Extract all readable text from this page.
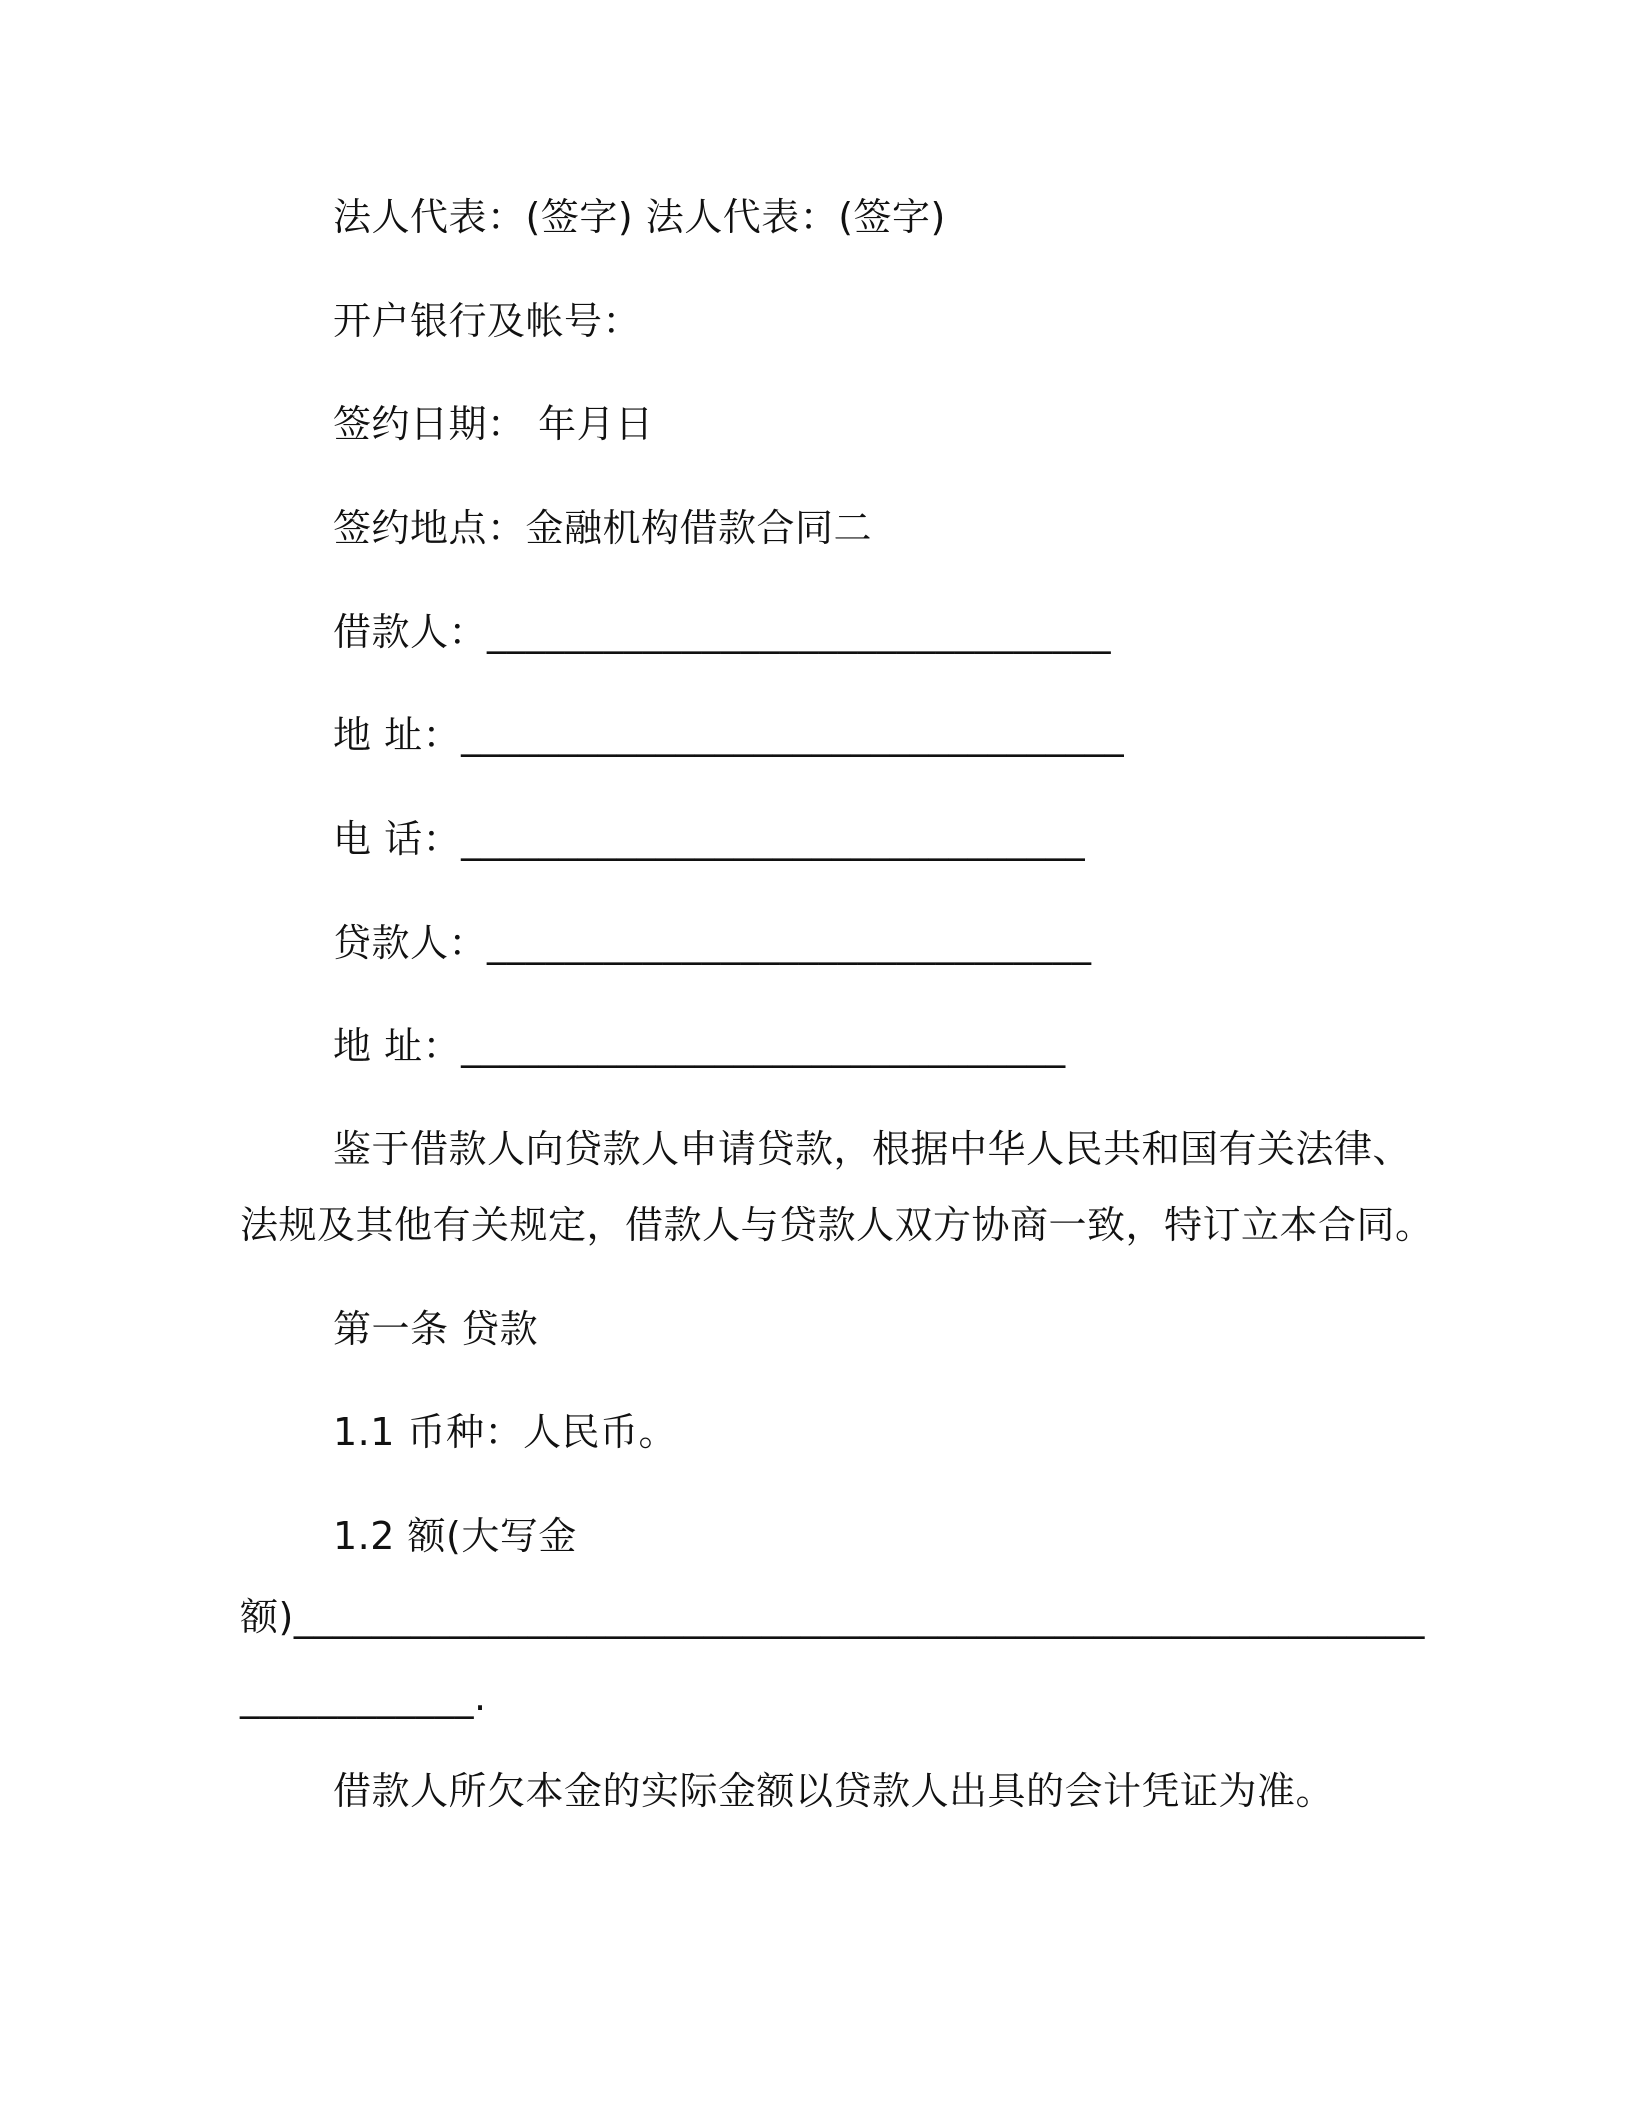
法人代表：(签字) 法人代表：(签字)
开户银行及帐号：
签约日期： 年月日
签约地点：金融机构借款合同二
借款人：________________________________
地 址：__________________________________
电 话：________________________________
贷款人：_______________________________
地 址：_______________________________
鉴于借款人向贷款人申请贷款，根据中华人民共和国有关法律、
法规及其他有关规定，借款人与贷款人双方协商一致，特订立本合同。
第一条 贷款
1.1 币种：人民币。
1.2 额(大写金
额)__________________________________________________________
____________.
借款人所欠本金的实际金额以贷款人出具的会计凭证为准。
